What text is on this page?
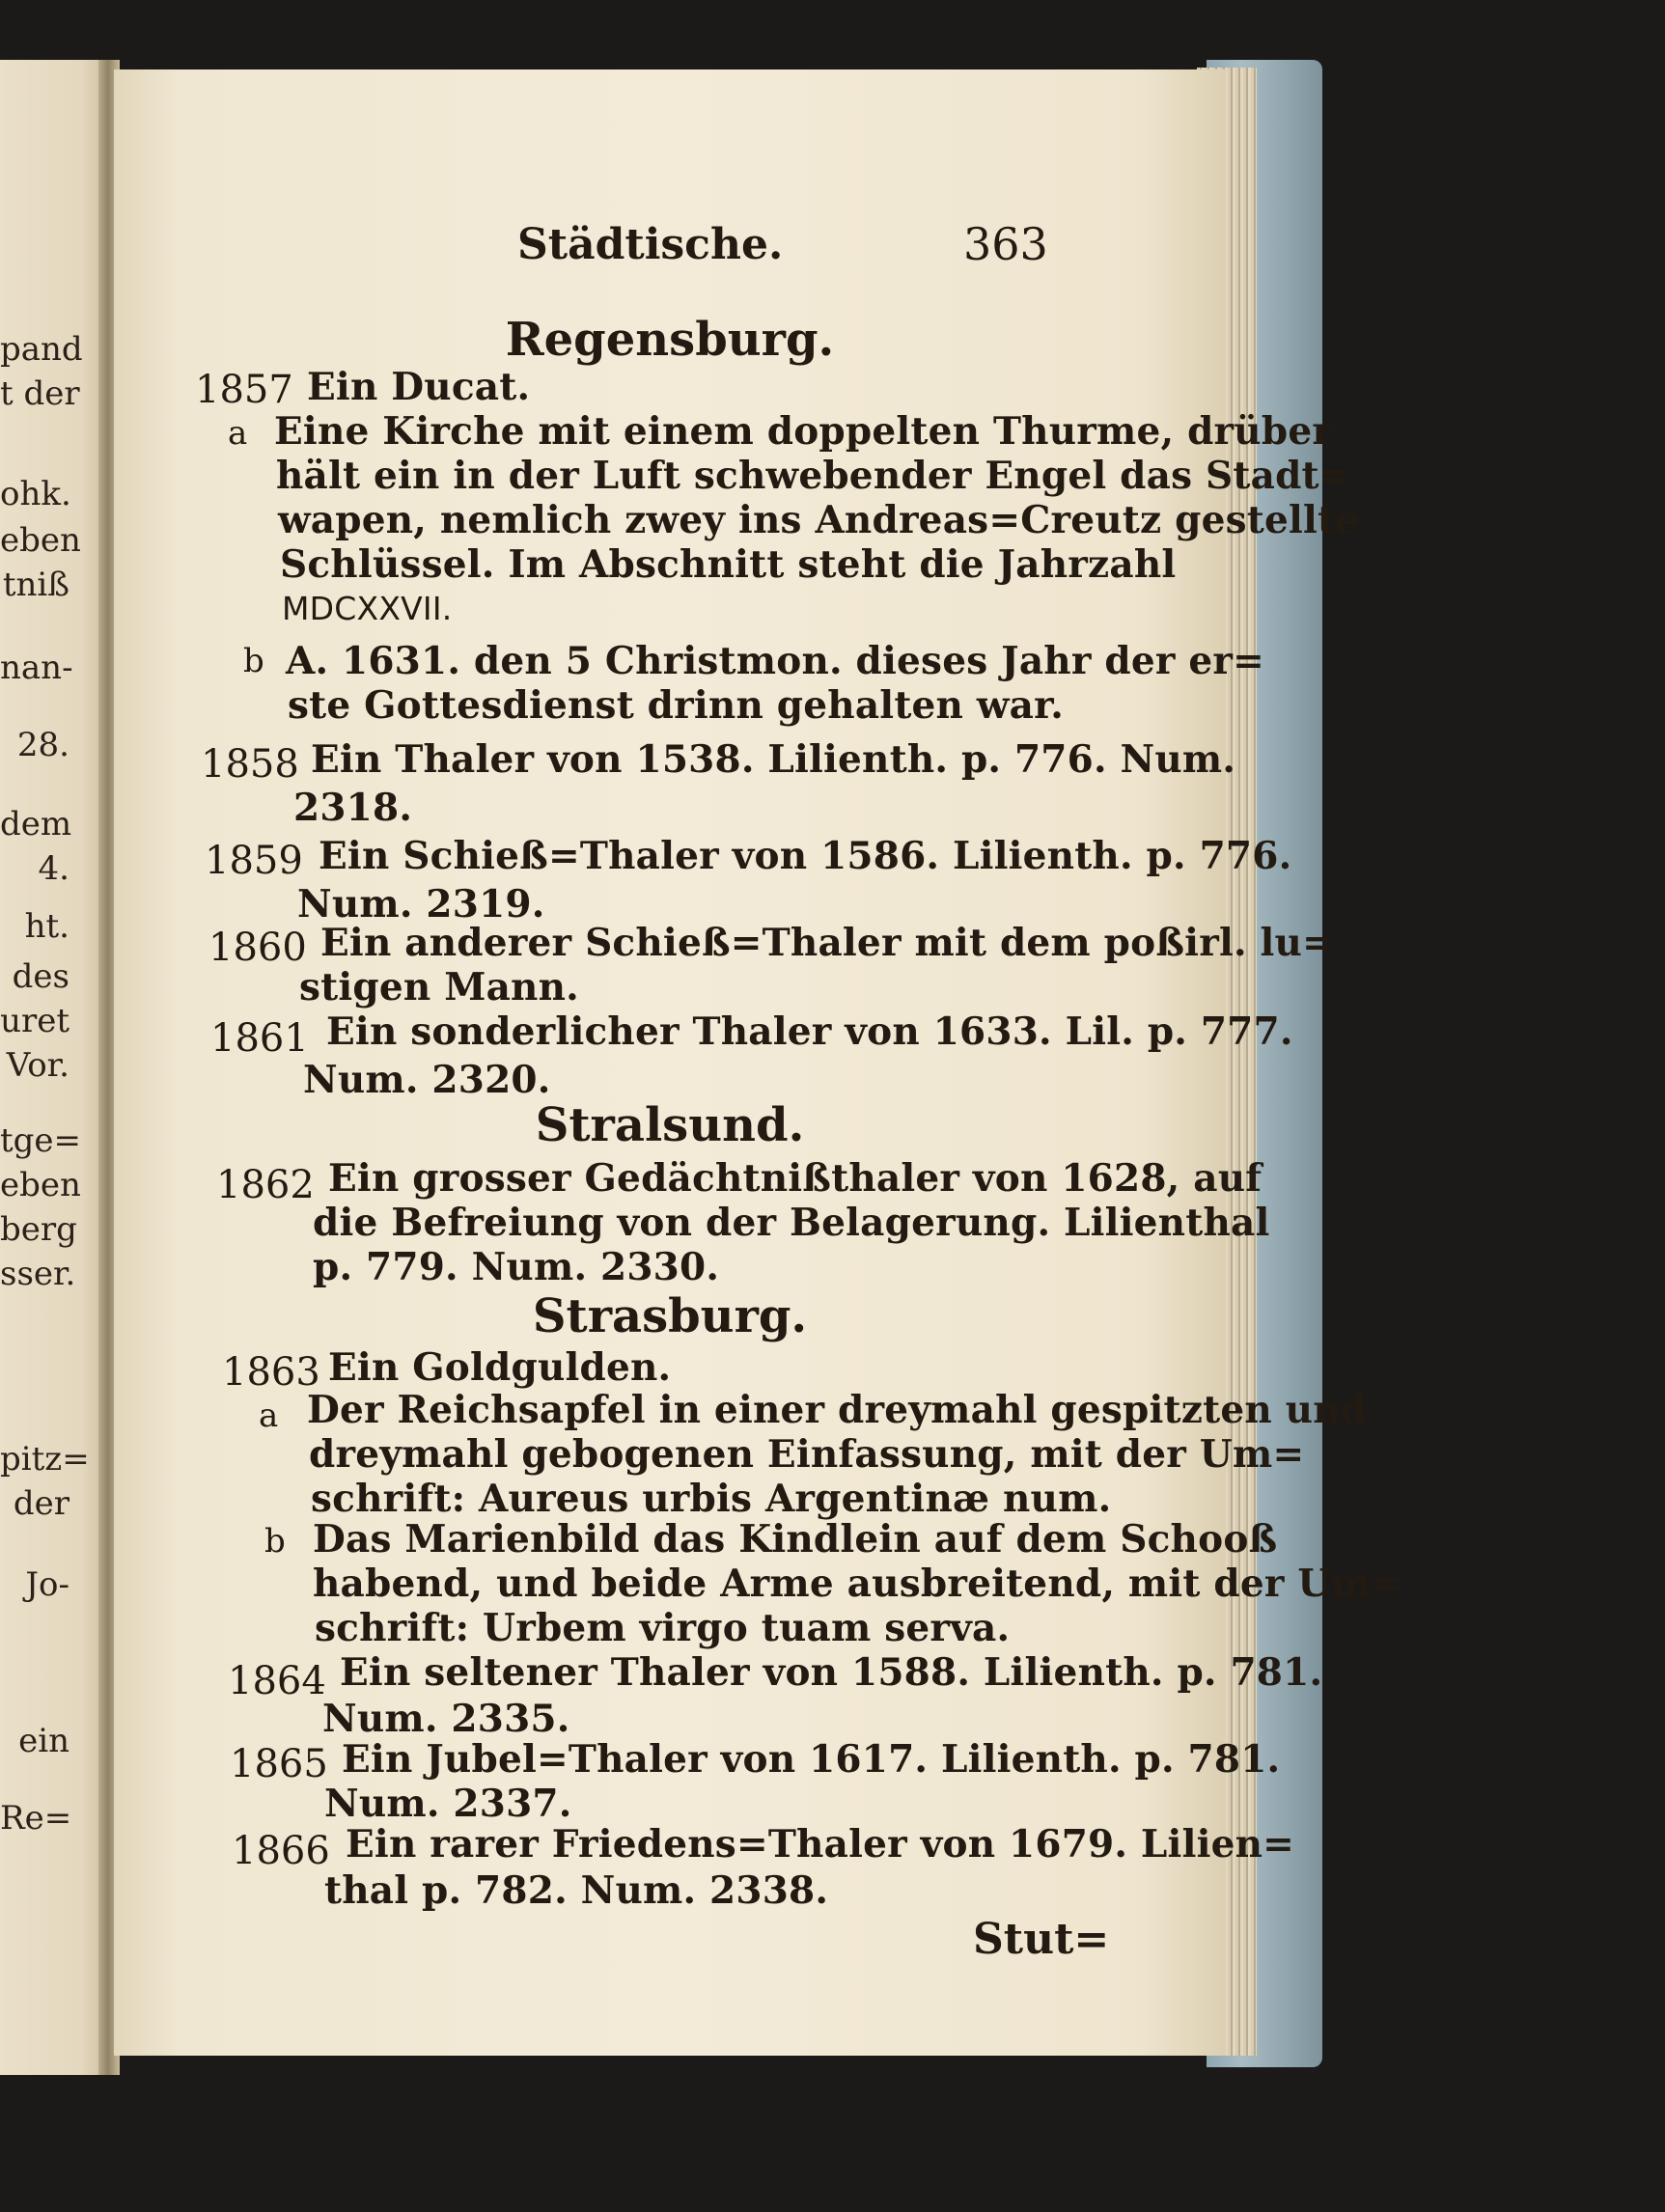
pand
t der
ohk.
eben
tniß
nan-
28.
dem
4.
ht.
des
uret
Vor.
tge=
eben
berg
sser.
pitz=
der
Jo-
ein
Re=
Städtische.	363
Regensburg.
1857 Ein Ducat.
a Eine Kirche mit einem doppelten Thurme, drüber
hält ein in der Luft schwebender Engel das Stadt=
wapen, nemlich zwey ins Andreas=Creutz gestellte
Schlüssel. Im Abschnitt steht die Jahrzahl
MDCXXVII.
b A. 1631. den 5 Christmon. dieses Jahr der er=
ste Gottesdienst drinn gehalten war.
1858 Ein Thaler von 1538. Lilienth. p. 776. Num.
2318.
1859 Ein Schieß=Thaler von 1586. Lilienth. p. 776.
Num. 2319.
1860 Ein anderer Schieß=Thaler mit dem poßirl. lu=
stigen Mann.
1861 Ein sonderlicher Thaler von 1633. Lil. p. 777.
Num. 2320.
Stralsund.
1862 Ein grosser Gedächtnißthaler von 1628, auf
die Befreiung von der Belagerung. Lilienthal
p. 779. Num. 2330.
Strasburg.
1863 Ein Goldgulden.
a Der Reichsapfel in einer dreymahl gespitzten und
dreymahl gebogenen Einfassung, mit der Um=
schrift: Aureus urbis Argentinæ num.
b Das Marienbild das Kindlein auf dem Schooß
habend, und beide Arme ausbreitend, mit der Um=
schrift: Urbem virgo tuam serva.
1864 Ein seltener Thaler von 1588. Lilienth. p. 781.
Num. 2335.
1865 Ein Jubel=Thaler von 1617. Lilienth. p. 781.
Num. 2337.
1866 Ein rarer Friedens=Thaler von 1679. Lilien=
thal p. 782. Num. 2338.
Stut=
